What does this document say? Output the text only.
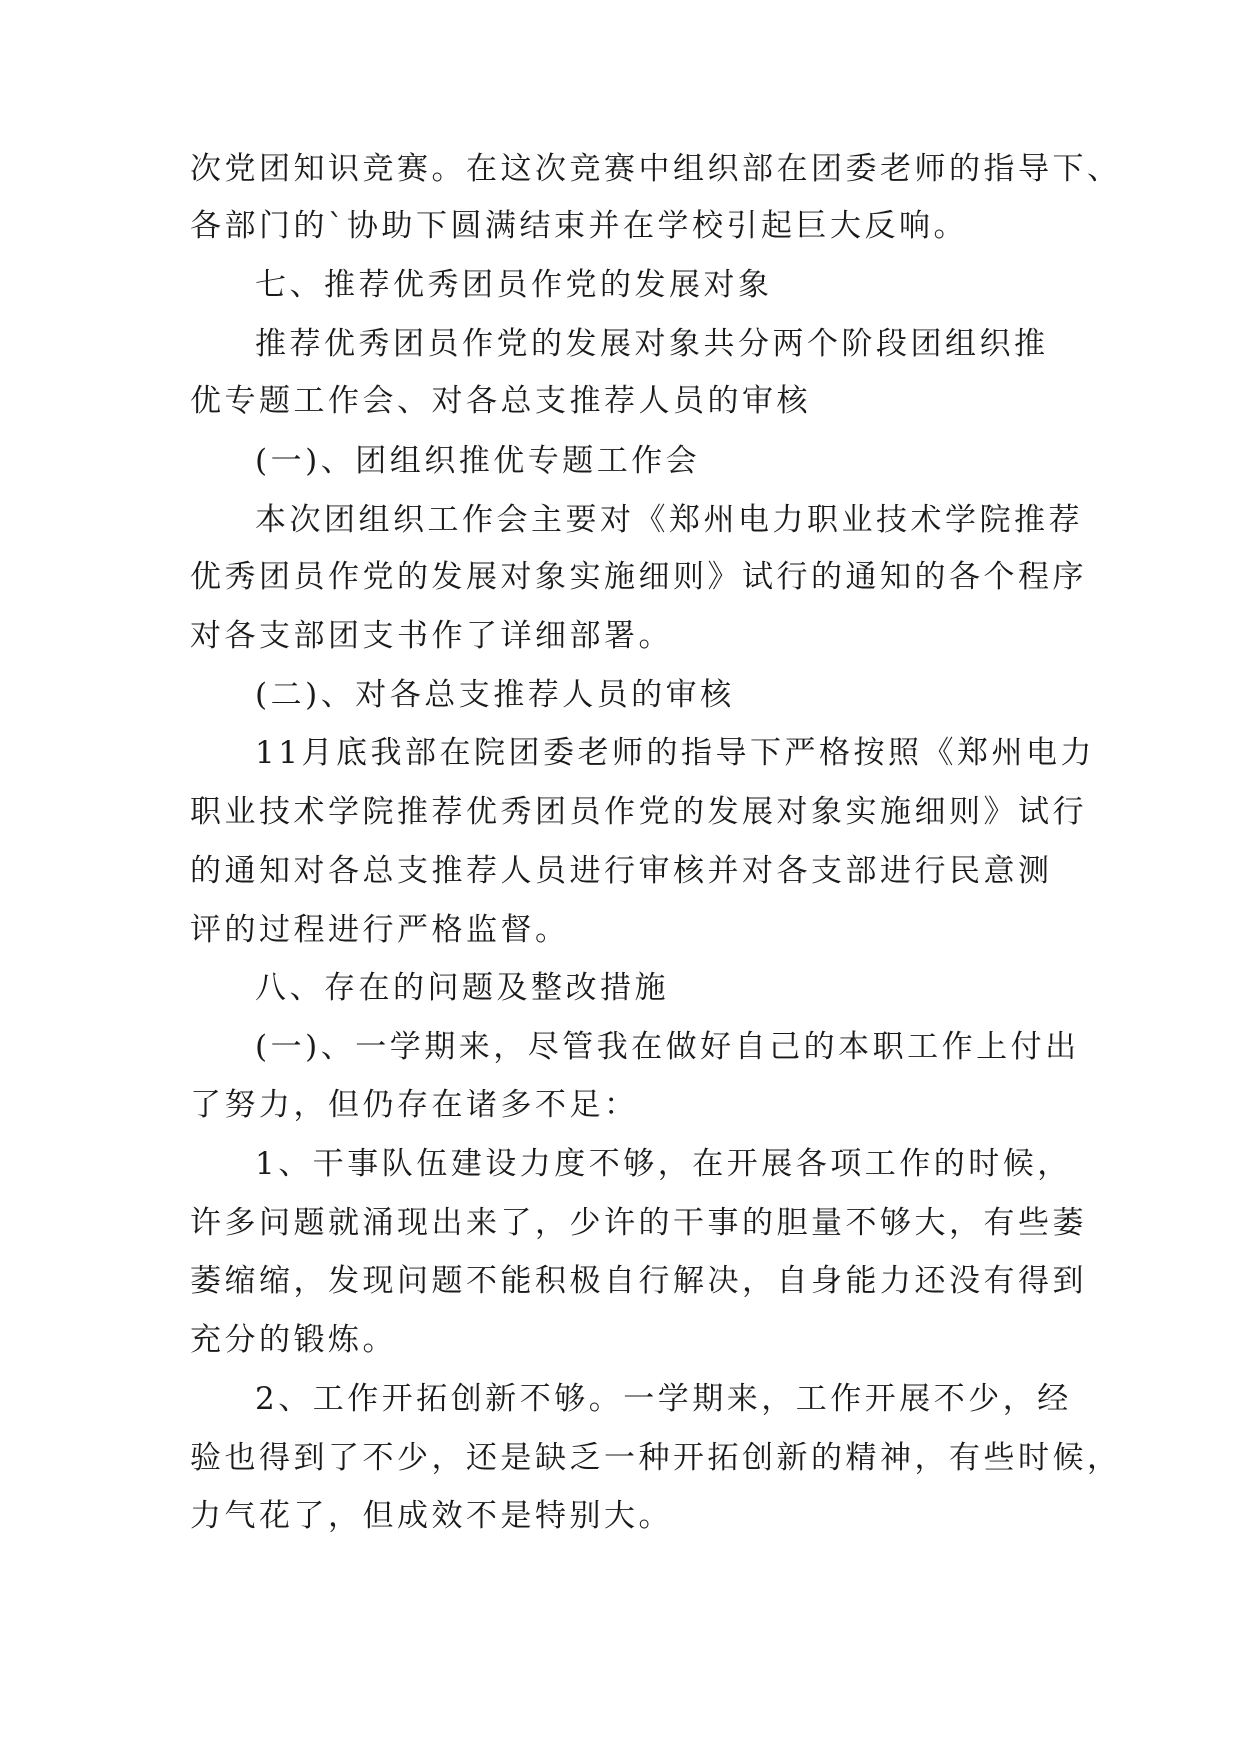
次党团知识竞赛。在这次竞赛中组织部在团委老师的指导下、
各部门的`协助下圆满结束并在学校引起巨大反响。
七、推荐优秀团员作党的发展对象
推荐优秀团员作党的发展对象共分两个阶段团组织推
优专题工作会、对各总支推荐人员的审核
(一)、团组织推优专题工作会
本次团组织工作会主要对《郑州电力职业技术学院推荐
优秀团员作党的发展对象实施细则》试行的通知的各个程序
对各支部团支书作了详细部署。
(二)、对各总支推荐人员的审核
11月底我部在院团委老师的指导下严格按照《郑州电力
职业技术学院推荐优秀团员作党的发展对象实施细则》试行
的通知对各总支推荐人员进行审核并对各支部进行民意测
评的过程进行严格监督。
八、存在的问题及整改措施
(一)、一学期来，尽管我在做好自己的本职工作上付出
了努力，但仍存在诸多不足：
1、干事队伍建设力度不够，在开展各项工作的时候，
许多问题就涌现出来了，少许的干事的胆量不够大，有些萎
萎缩缩，发现问题不能积极自行解决，自身能力还没有得到
充分的锻炼。
2、工作开拓创新不够。一学期来，工作开展不少，经
验也得到了不少，还是缺乏一种开拓创新的精神，有些时候，
力气花了，但成效不是特别大。
